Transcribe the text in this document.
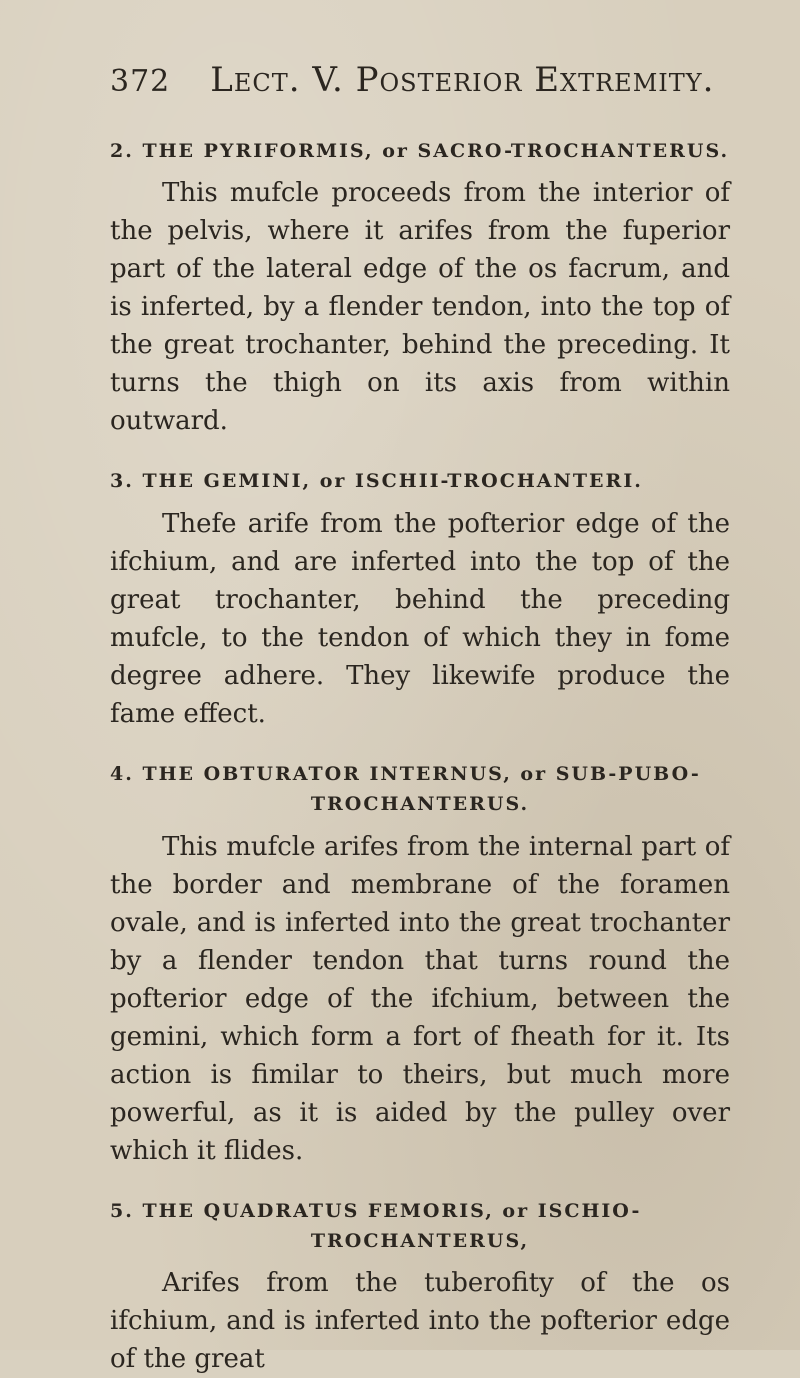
372 Lect. V. Posterior Extremity.

2. THE PYRIFORMIS, or SACRO-TROCHANTERUS.

This mufcle proceeds from the interior of the pelvis, where it arifes from the fuperior part of the lateral edge of the os facrum, and is inferted, by a flender tendon, into the top of the great trochanter, behind the preceding. It turns the thigh on its axis from within outward.

3. THE GEMINI, or ISCHII-TROCHANTERI.

Thefe arife from the pofterior edge of the ifchium, and are inferted into the top of the great trochanter, behind the preceding mufcle, to the tendon of which they in fome degree adhere. They likewife produce the fame effect.

4. THE OBTURATOR INTERNUS, or SUB-PUBO-

TROCHANTERUS.

This mufcle arifes from the internal part of the border and membrane of the foramen ovale, and is inferted into the great trochanter by a flender tendon that turns round the pofterior edge of the ifchium, between the gemini, which form a fort of fheath for it. Its action is fimilar to theirs, but much more powerful, as it is aided by the pulley over which it flides.

5. THE QUADRATUS FEMORIS, or ISCHIO-

TROCHANTERUS,

Arifes from the tuberofity of the os ifchium, and is inferted into the pofterior edge of the great
